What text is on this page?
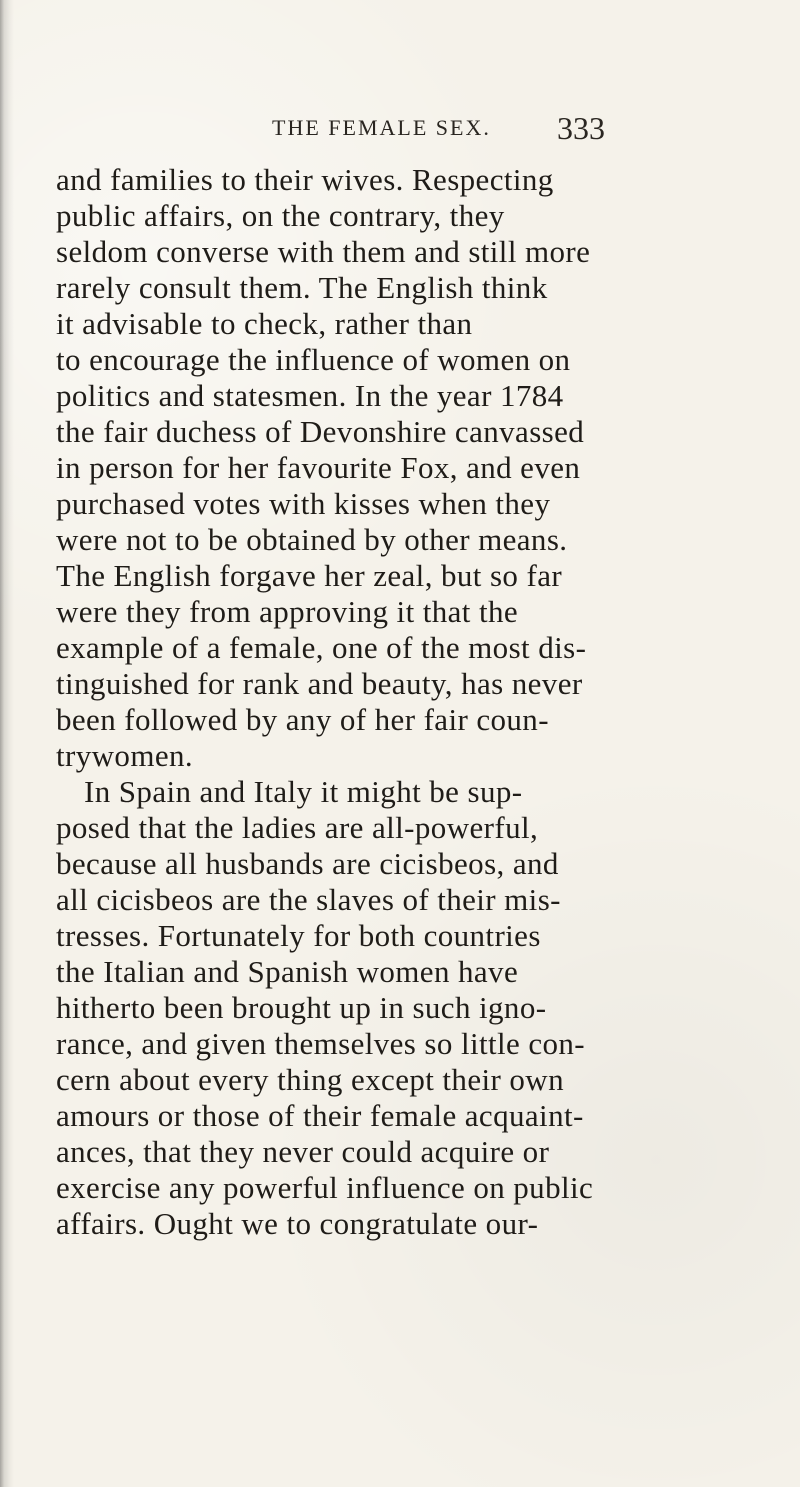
THE FEMALE SEX. 333
and families to their wives. Respecting
public affairs, on the contrary, they
seldom converse with them and still more
rarely consult them. The English think
it advisable to check, rather than
to encourage the influence of women on
politics and statesmen. In the year 1784
the fair duchess of Devonshire canvassed
in person for her favourite Fox, and even
purchased votes with kisses when they
were not to be obtained by other means.
The English forgave her zeal, but so far
were they from approving it that the
example of a female, one of the most dis-
tinguished for rank and beauty, has never
been followed by any of her fair coun-
trywomen.
In Spain and Italy it might be sup-
posed that the ladies are all-powerful,
because all husbands are cicisbeos, and
all cicisbeos are the slaves of their mis-
tresses. Fortunately for both countries
the Italian and Spanish women have
hitherto been brought up in such igno-
rance, and given themselves so little con-
cern about every thing except their own
amours or those of their female acquaint-
ances, that they never could acquire or
exercise any powerful influence on public
affairs. Ought we to congratulate our-
